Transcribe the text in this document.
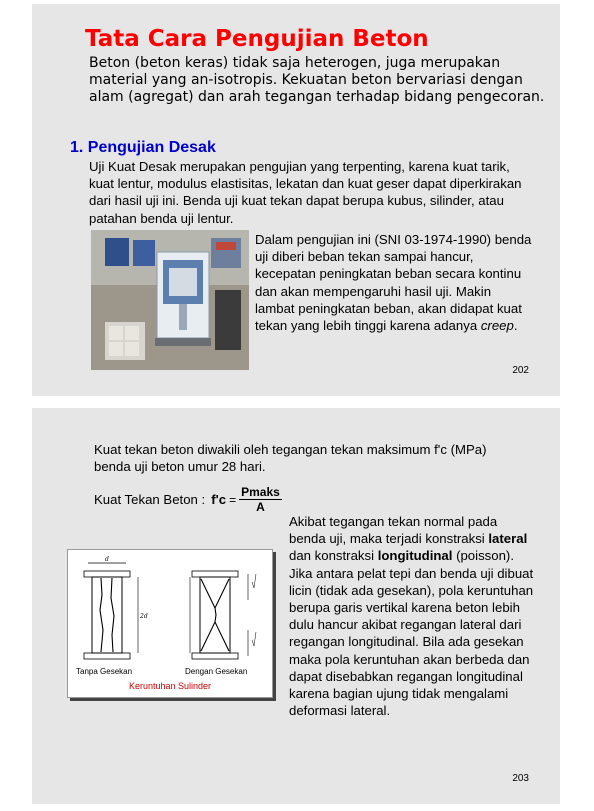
Tata Cara Pengujian Beton
Beton (beton keras) tidak saja heterogen, juga merupakan material yang an-isotropis. Kekuatan beton bervariasi dengan alam (agregat) dan arah tegangan terhadap bidang pengecoran.
1. Pengujian Desak
Uji Kuat Desak merupakan pengujian yang terpenting, karena kuat tarik, kuat lentur, modulus elastisitas, lekatan dan kuat geser dapat diperkirakan dari hasil uji ini. Benda uji kuat tekan dapat berupa kubus, silinder, atau patahan benda uji lentur.
Dalam pengujian ini (SNI 03-1974-1990) benda uji diberi beban tekan sampai hancur, kecepatan peningkatan beban secara kontinu dan akan mempengaruhi hasil uji. Makin lambat peningkatan beban, akan didapat kuat tekan yang lebih tinggi karena adanya creep.
202
Kuat tekan beton diwakili oleh tegangan tekan maksimum f'c (MPa) benda uji beton umur 28 hari.
Kuat Tekan Beton : $f'c = \frac{\text{Pmaks}}{A}$
d
2d
Tanpa Gesekan	Dengan Gesekan
Keruntuhan Sulinder
Akibat tegangan tekan normal pada benda uji, maka terjadi konstraksi lateral dan konstraksi longitudinal (poisson).
Jika antara pelat tepi dan benda uji dibuat licin (tidak ada gesekan), pola keruntuhan berupa garis vertikal karena beton lebih dulu hancur akibat regangan lateral dari regangan longitudinal. Bila ada gesekan maka pola keruntuhan akan berbeda dan dapat disebabkan regangan longitudinal karena bagian ujung tidak mengalami deformasi lateral.
203
